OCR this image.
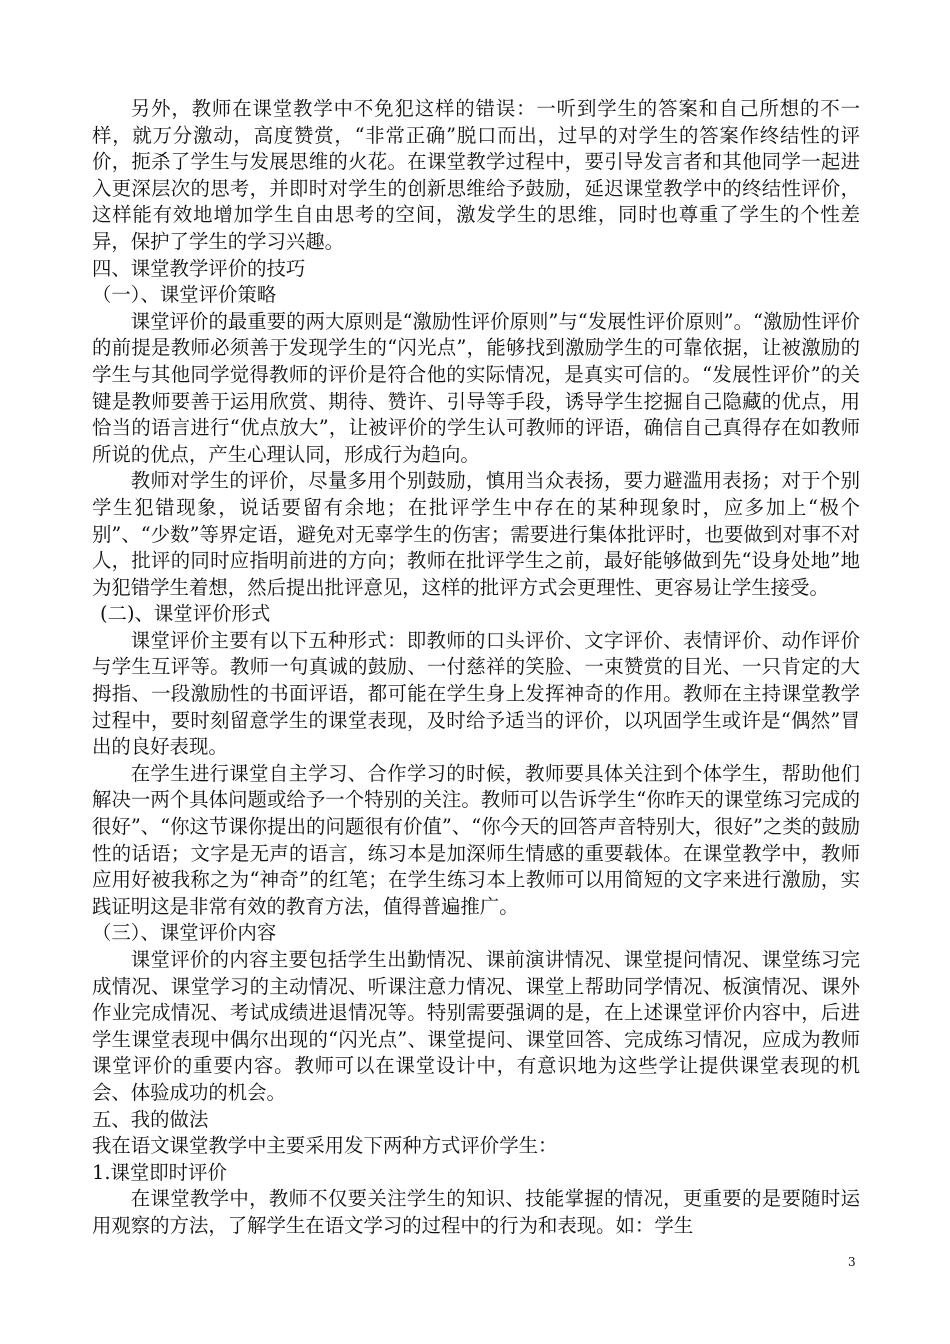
另外，教师在课堂教学中不免犯这样的错误：一听到学生的答案和自己所想的不一样，就万分激动，高度赞赏，“非常正确”脱口而出，过早的对学生的答案作终结性的评价，扼杀了学生与发展思维的火花。在课堂教学过程中，要引导发言者和其他同学一起进入更深层次的思考，并即时对学生的创新思维给予鼓励，延迟课堂教学中的终结性评价，这样能有效地增加学生自由思考的空间，激发学生的思维，同时也尊重了学生的个性差异，保护了学生的学习兴趣。

四、课堂教学评价的技巧

（一）、课堂评价策略

课堂评价的最重要的两大原则是“激励性评价原则”与“发展性评价原则”。“激励性评价的前提是教师必须善于发现学生的“闪光点”，能够找到激励学生的可靠依据，让被激励的学生与其他同学觉得教师的评价是符合他的实际情况，是真实可信的。“发展性评价”的关键是教师要善于运用欣赏、期待、赞许、引导等手段，诱导学生挖掘自己隐藏的优点，用恰当的语言进行“优点放大”，让被评价的学生认可教师的评语，确信自己真得存在如教师所说的优点，产生心理认同，形成行为趋向。

教师对学生的评价，尽量多用个别鼓励，慎用当众表扬，要力避滥用表扬；对于个别学生犯错现象，说话要留有余地；在批评学生中存在的某种现象时，应多加上“极个别”、“少数”等界定语，避免对无辜学生的伤害；需要进行集体批评时，也要做到对事不对人，批评的同时应指明前进的方向；教师在批评学生之前，最好能够做到先“设身处地”地为犯错学生着想，然后提出批评意见，这样的批评方式会更理性、更容易让学生接受。

(二)、课堂评价形式

课堂评价主要有以下五种形式：即教师的口头评价、文字评价、表情评价、动作评价与学生互评等。教师一句真诚的鼓励、一付慈祥的笑脸、一束赞赏的目光、一只肯定的大拇指、一段激励性的书面评语，都可能在学生身上发挥神奇的作用。教师在主持课堂教学过程中，要时刻留意学生的课堂表现，及时给予适当的评价，以巩固学生或许是“偶然”冒出的良好表现。

在学生进行课堂自主学习、合作学习的时候，教师要具体关注到个体学生，帮助他们解决一两个具体问题或给予一个特别的关注。教师可以告诉学生“你昨天的课堂练习完成的很好”、“你这节课你提出的问题很有价值”、“你今天的回答声音特别大，很好”之类的鼓励性的话语；文字是无声的语言，练习本是加深师生情感的重要载体。在课堂教学中，教师应用好被我称之为“神奇”的红笔；在学生练习本上教师可以用简短的文字来进行激励，实践证明这是非常有效的教育方法，值得普遍推广。

（三）、课堂评价内容

课堂评价的内容主要包括学生出勤情况、课前演讲情况、课堂提问情况、课堂练习完成情况、课堂学习的主动情况、听课注意力情况、课堂上帮助同学情况、板演情况、课外作业完成情况、考试成绩进退情况等。特别需要强调的是，在上述课堂评价内容中，后进学生课堂表现中偶尔出现的“闪光点”、课堂提问、课堂回答、完成练习情况，应成为教师课堂评价的重要内容。教师可以在课堂设计中，有意识地为这些学让提供课堂表现的机会、体验成功的机会。

五、我的做法

我在语文课堂教学中主要采用发下两种方式评价学生：

1.课堂即时评价

在课堂教学中，教师不仅要关注学生的知识、技能掌握的情况，更重要的是要随时运用观察的方法，了解学生在语文学习的过程中的行为和表现。如：学生

3
